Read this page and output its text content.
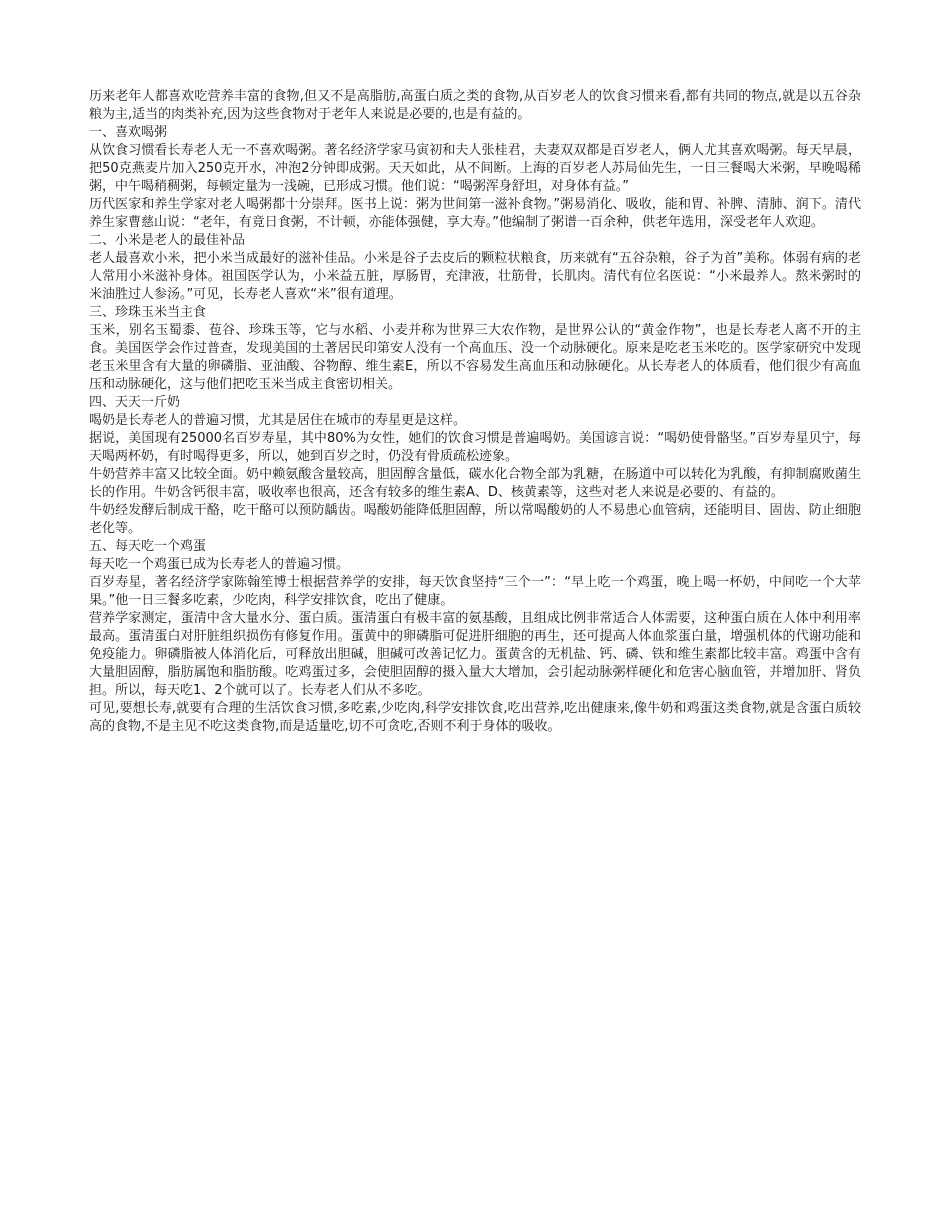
历来老年人都喜欢吃营养丰富的食物,但又不是高脂肪,高蛋白质之类的食物,从百岁老人的饮食习惯来看,都有共同的物点,就是以五谷杂粮为主,适当的肉类补充,因为这些食物对于老年人来说是必要的,也是有益的。

一、喜欢喝粥

从饮食习惯看长寿老人无一不喜欢喝粥。著名经济学家马寅初和夫人张桂君，夫妻双双都是百岁老人，俩人尤其喜欢喝粥。每天早晨，把50克燕麦片加入250克开水，冲泡2分钟即成粥。天天如此，从不间断。上海的百岁老人苏局仙先生，一日三餐喝大米粥，早晚喝稀粥，中午喝稍稠粥，每顿定量为一浅碗，已形成习惯。他们说：“喝粥浑身舒坦，对身体有益。”

历代医家和养生学家对老人喝粥都十分崇拜。医书上说：粥为世间第一滋补食物。”粥易消化、吸收，能和胃、补脾、清肺、润下。清代养生家曹慈山说：“老年，有竟日食粥，不计顿，亦能体强健，享大寿。”他编制了粥谱一百余种，供老年选用，深受老年人欢迎。

二、小米是老人的最佳补品

老人最喜欢小米，把小米当成最好的滋补佳品。小米是谷子去皮后的颗粒状粮食，历来就有“五谷杂粮，谷子为首”美称。体弱有病的老人常用小米滋补身体。祖国医学认为，小米益五脏，厚肠胃，充津液，壮筋骨，长肌肉。清代有位名医说：“小米最养人。熬米粥时的米油胜过人参汤。”可见，长寿老人喜欢“米”很有道理。

三、珍珠玉米当主食

玉米，别名玉蜀黍、苞谷、珍珠玉等，它与水稻、小麦并称为世界三大农作物，是世界公认的“黄金作物”，也是长寿老人离不开的主食。美国医学会作过普查，发现美国的土著居民印第安人没有一个高血压、没一个动脉硬化。原来是吃老玉米吃的。医学家研究中发现老玉米里含有大量的卵磷脂、亚油酸、谷物醇、维生素E，所以不容易发生高血压和动脉硬化。从长寿老人的体质看，他们很少有高血压和动脉硬化，这与他们把吃玉米当成主食密切相关。

四、天天一斤奶

喝奶是长寿老人的普遍习惯，尤其是居住在城市的寿星更是这样。

据说，美国现有25000名百岁寿星，其中80%为女性，她们的饮食习惯是普遍喝奶。美国谚言说：“喝奶使骨骼坚。”百岁寿星贝宁，每天喝两杯奶，有时喝得更多，所以，她到百岁之时，仍没有骨质疏松迹象。

牛奶营养丰富又比较全面。奶中赖氨酸含量较高，胆固醇含量低，碳水化合物全部为乳糖，在肠道中可以转化为乳酸，有抑制腐败菌生长的作用。牛奶含钙很丰富，吸收率也很高，还含有较多的维生素A、D、核黄素等，这些对老人来说是必要的、有益的。

牛奶经发酵后制成干酪，吃干酪可以预防龋齿。喝酸奶能降低胆固醇，所以常喝酸奶的人不易患心血管病，还能明目、固齿、防止细胞老化等。

五、每天吃一个鸡蛋

每天吃一个鸡蛋已成为长寿老人的普遍习惯。

百岁寿星，著名经济学家陈翰笙博士根据营养学的安排，每天饮食坚持“三个一”：“早上吃一个鸡蛋，晚上喝一杯奶，中间吃一个大苹果。”他一日三餐多吃素，少吃肉，科学安排饮食，吃出了健康。

营养学家测定，蛋清中含大量水分、蛋白质。蛋清蛋白有极丰富的氨基酸，且组成比例非常适合人体需要，这种蛋白质在人体中利用率最高。蛋清蛋白对肝脏组织损伤有修复作用。蛋黄中的卵磷脂可促进肝细胞的再生，还可提高人体血浆蛋白量，增强机体的代谢功能和免疫能力。卵磷脂被人体消化后，可释放出胆碱，胆碱可改善记忆力。蛋黄含的无机盐、钙、磷、铁和维生素都比较丰富。鸡蛋中含有大量胆固醇，脂肪属饱和脂肪酸。吃鸡蛋过多，会使胆固醇的摄入量大大增加，会引起动脉粥样硬化和危害心脑血管，并增加肝、肾负担。所以，每天吃1、2个就可以了。长寿老人们从不多吃。

可见,要想长寿,就要有合理的生活饮食习惯,多吃素,少吃肉,科学安排饮食,吃出营养,吃出健康来,像牛奶和鸡蛋这类食物,就是含蛋白质较高的食物,不是主见不吃这类食物,而是适量吃,切不可贪吃,否则不利于身体的吸收。
